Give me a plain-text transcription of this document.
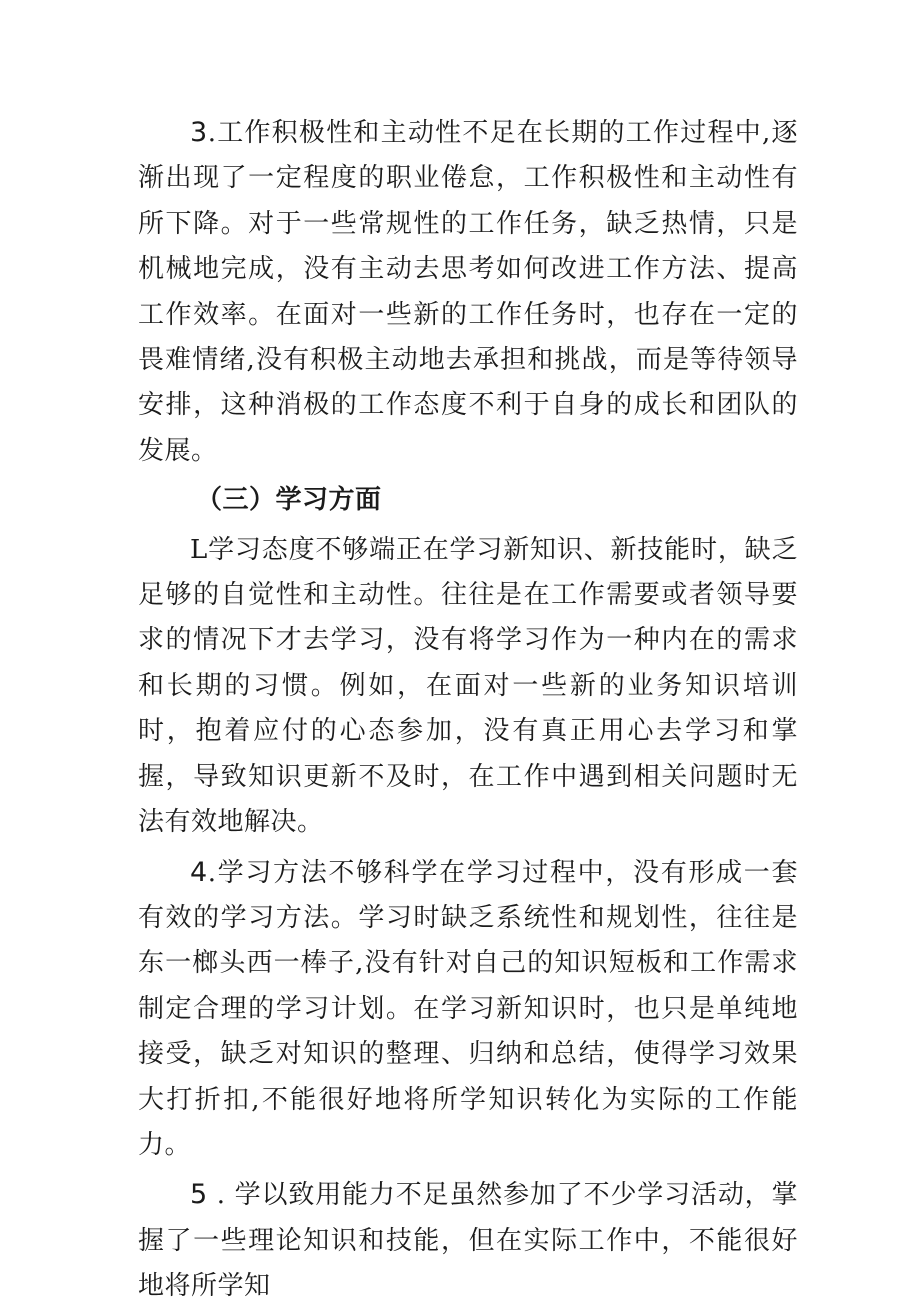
3.工作积极性和主动性不足在长期的工作过程中,逐渐出现了一定程度的职业倦怠，工作积极性和主动性有所下降。对于一些常规性的工作任务，缺乏热情，只是机械地完成，没有主动去思考如何改进工作方法、提高工作效率。在面对一些新的工作任务时，也存在一定的畏难情绪,没有积极主动地去承担和挑战，而是等待领导安排，这种消极的工作态度不利于自身的成长和团队的发展。

（三）学习方面

L学习态度不够端正在学习新知识、新技能时，缺乏足够的自觉性和主动性。往往是在工作需要或者领导要求的情况下才去学习，没有将学习作为一种内在的需求和长期的习惯。例如，在面对一些新的业务知识培训时，抱着应付的心态参加，没有真正用心去学习和掌握，导致知识更新不及时，在工作中遇到相关问题时无法有效地解决。

4.学习方法不够科学在学习过程中，没有形成一套有效的学习方法。学习时缺乏系统性和规划性，往往是东一榔头西一棒子,没有针对自己的知识短板和工作需求制定合理的学习计划。在学习新知识时，也只是单纯地接受，缺乏对知识的整理、归纳和总结，使得学习效果大打折扣,不能很好地将所学知识转化为实际的工作能力。

5 . 学以致用能力不足虽然参加了不少学习活动，掌握了一些理论知识和技能，但在实际工作中，不能很好地将所学知
